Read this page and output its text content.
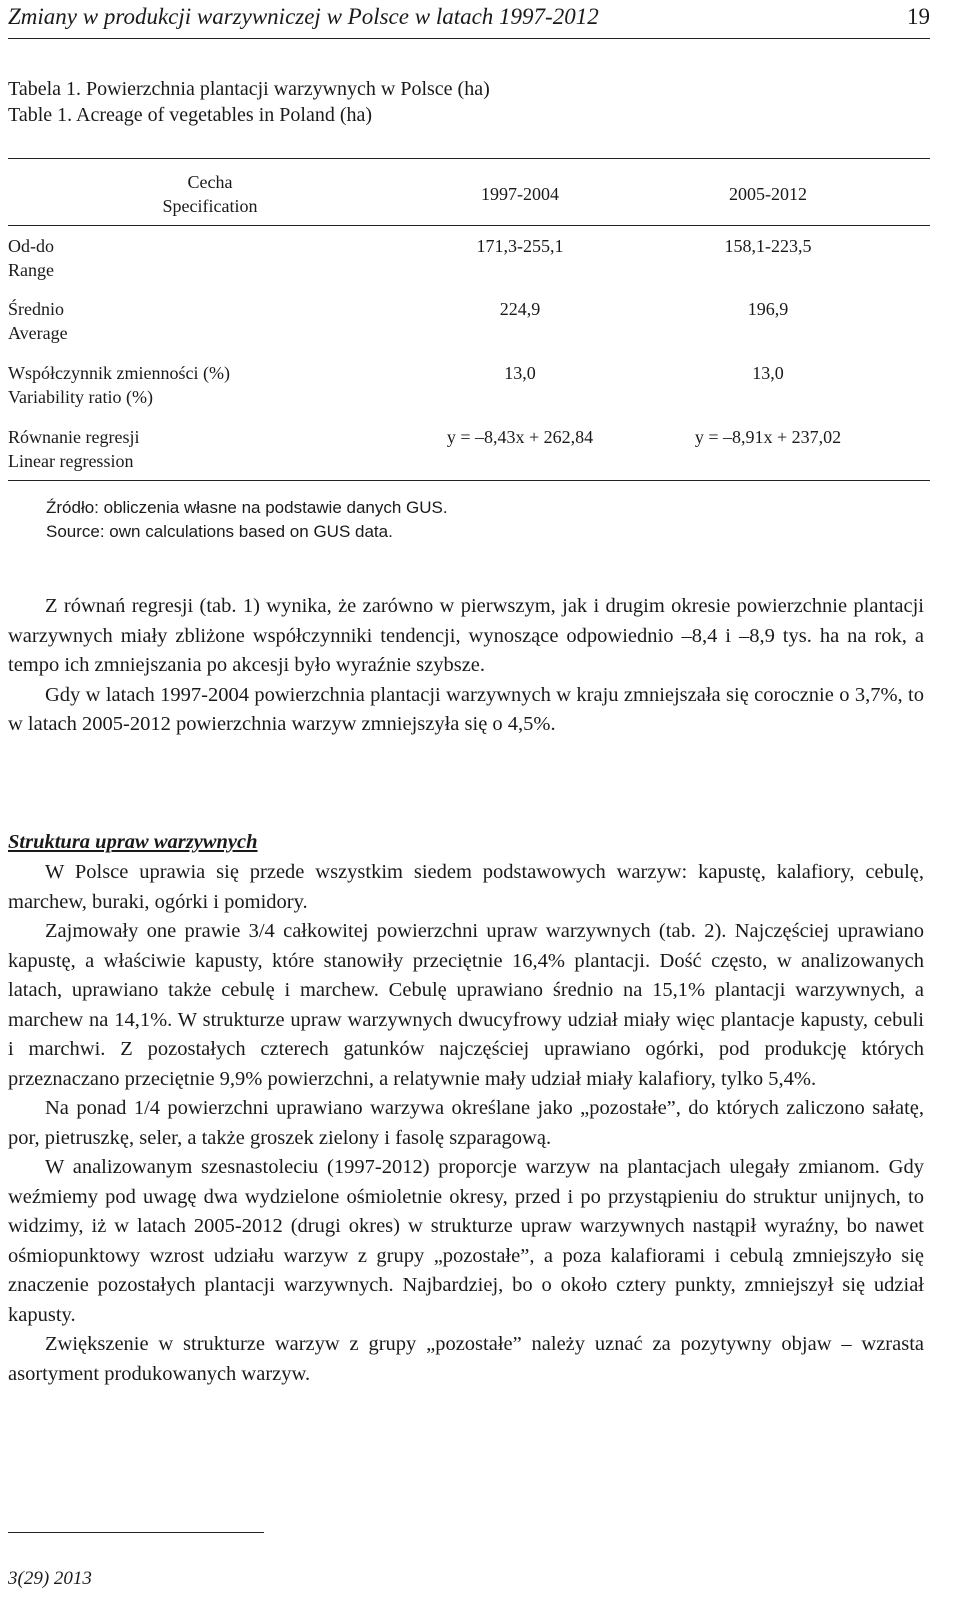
Zmiany w produkcji warzywniczej w Polsce w latach 1997-2012	19
Tabela 1. Powierzchnia plantacji warzywnych w Polsce (ha)
Table 1. Acreage of vegetables in Poland (ha)
Cecha
Specification
1997-2004	2005-2012
Od-do
Range
171,3-255,1	158,1-223,5
Średnio
Average
224,9	196,9
Współczynnik zmienności (%)
Variability ratio (%)
13,0	13,0
Równanie regresji
Linear regression
y = –8,43x + 262,84	y = –8,91x + 237,02
Źródło: obliczenia własne na podstawie danych GUS.
Source: own calculations based on GUS data.

Z równań regresji (tab. 1) wynika, że zarówno w pierwszym, jak i drugim okresie powierzchnie plantacji warzywnych miały zbliżone współczynniki tendencji, wynoszące odpowiednio –8,4 i –8,9 tys. ha na rok, a tempo ich zmniejszania po akcesji było wyraźnie szybsze.

Gdy w latach 1997-2004 powierzchnia plantacji warzywnych w kraju zmniejszała się corocznie o 3,7%, to w latach 2005-2012 powierzchnia warzyw zmniejszyła się o 4,5%.

Struktura upraw warzywnych

W Polsce uprawia się przede wszystkim siedem podstawowych warzyw: kapustę, kalafiory, cebulę, marchew, buraki, ogórki i pomidory.

Zajmowały one prawie 3/4 całkowitej powierzchni upraw warzywnych (tab. 2). Najczęściej uprawiano kapustę, a właściwie kapusty, które stanowiły przeciętnie 16,4% plantacji. Dość często, w analizowanych latach, uprawiano także cebulę i marchew. Cebulę uprawiano średnio na 15,1% plantacji warzywnych, a marchew na 14,1%. W strukturze upraw warzywnych dwucyfrowy udział miały więc plantacje kapusty, cebuli i marchwi. Z pozostałych czterech gatunków najczęściej uprawiano ogórki, pod produkcję których przeznaczano przeciętnie 9,9% powierzchni, a relatywnie mały udział miały kalafiory, tylko 5,4%.

Na ponad 1/4 powierzchni uprawiano warzywa określane jako „pozostałe”, do których zaliczono sałatę, por, pietruszkę, seler, a także groszek zielony i fasolę szparagową.

W analizowanym szesnastoleciu (1997-2012) proporcje warzyw na plantacjach ulegały zmianom. Gdy weźmiemy pod uwagę dwa wydzielone ośmioletnie okresy, przed i po przystąpieniu do struktur unijnych, to widzimy, iż w latach 2005-2012 (drugi okres) w strukturze upraw warzywnych nastąpił wyraźny, bo nawet ośmiopunktowy wzrost udziału warzyw z grupy „pozostałe”, a poza kalafiorami i cebulą zmniejszyło się znaczenie pozostałych plantacji warzywnych. Najbardziej, bo o około cztery punkty, zmniejszył się udział kapusty.

Zwiększenie w strukturze warzyw z grupy „pozostałe” należy uznać za pozytywny objaw – wzrasta asortyment produkowanych warzyw.

3(29) 2013
